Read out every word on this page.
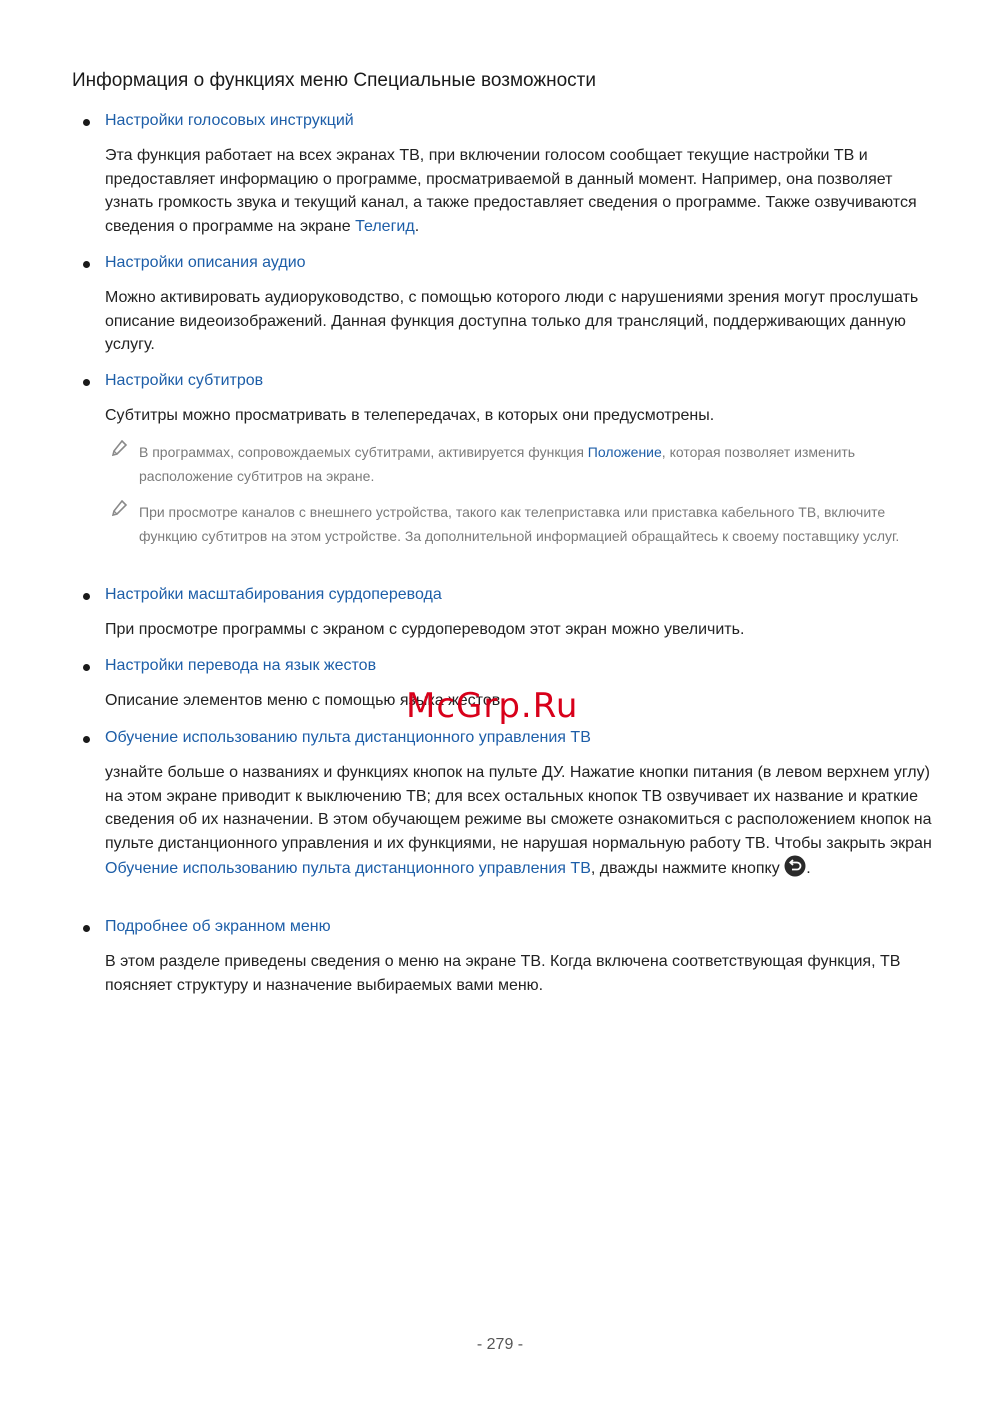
Информация о функциях меню Специальные возможности
Настройки голосовых инструкций

Эта функция работает на всех экранах ТВ, при включении голосом сообщает текущие настройки ТВ и предоставляет информацию о программе, просматриваемой в данный момент. Например, она позволяет узнать громкость звука и текущий канал, а также предоставляет сведения о программе. Также озвучиваются сведения о программе на экране Телегид.

Настройки описания аудио

Можно активировать аудиоруководство, с помощью которого люди с нарушениями зрения могут прослушать описание видеоизображений. Данная функция доступна только для трансляций, поддерживающих данную услугу.

Настройки субтитров

Субтитры можно просматривать в телепередачах, в которых они предусмотрены.

В программах, сопровождаемых субтитрами, активируется функция Положение, которая позволяет изменить расположение субтитров на экране.
При просмотре каналов с внешнего устройства, такого как телеприставка или приставка кабельного ТВ, включите функцию субтитров на этом устройстве. За дополнительной информацией обращайтесь к своему поставщику услуг.
Настройки масштабирования сурдоперевода

При просмотре программы с экраном с сурдопереводом этот экран можно увеличить.

Настройки перевода на язык жестов

Описание элементов меню с помощью языка жестов.

Обучение использованию пульта дистанционного управления ТВ

узнайте больше о названиях и функциях кнопок на пульте ДУ. Нажатие кнопки питания (в левом верхнем углу) на этом экране приводит к выключению ТВ; для всех остальных кнопок ТВ озвучивает их название и краткие сведения об их назначении. В этом обучающем режиме вы сможете ознакомиться с расположением кнопок на пульте дистанционного управления и их функциями, не нарушая нормальную работу ТВ. Чтобы закрыть экран Обучение использованию пульта дистанционного управления ТВ, дважды нажмите кнопку .

Подробнее об экранном меню

В этом разделе приведены сведения о меню на экране ТВ. Когда включена соответствующая функция, ТВ поясняет структуру и назначение выбираемых вами меню.

McGrp.Ru
- 279 -
